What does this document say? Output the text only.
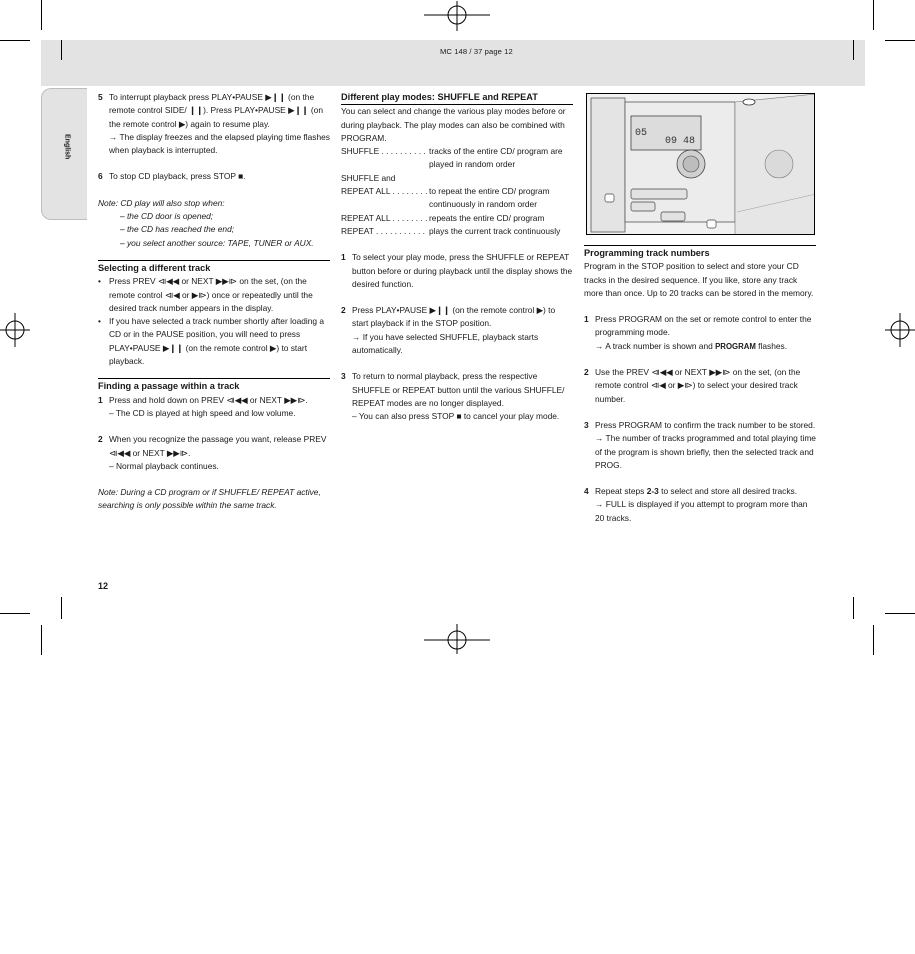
MC 148 / 37 page 12
English
5 To interrupt playback press PLAY•PAUSE ▶❙❙ (on the remote control SIDE/ ❙❙). Press PLAY•PAUSE ▶❙❙ (on the remote control ▶) again to resume play.

→ The display freezes and the elapsed playing time flashes when playback is interrupted.

6 To stop CD playback, press STOP ■.

Note: CD play will also stop when:

– the CD door is opened;

– the CD has reached the end;

– you select another source: TAPE, TUNER or AUX.

Selecting a different track

• Press PREV ⧏◀◀ or NEXT ▶▶⧐ on the set, (on the remote control ⧏◀ or ▶⧐) once or repeatedly until the desired track number appears in the display.
• If you have selected a track number shortly after loading a CD or in the PAUSE position, you will need to press PLAY•PAUSE ▶❙❙ (on the remote control ▶) to start playback.

Finding a passage within a track

1 Press and hold down on PREV ⧏◀◀ or NEXT ▶▶⧐.

– The CD is played at high speed and low volume.

2 When you recognize the passage you want, release PREV ⧏◀◀ or NEXT ▶▶⧐.

– Normal playback continues.

Note: During a CD program or if SHUFFLE/ REPEAT active, searching is only possible within the same track.

Different play modes: SHUFFLE and REPEAT

You can select and change the various play modes before or during playback. The play modes can also be combined with PROGRAM.

SHUFFLE . . . . . . . . . . tracks of the entire CD/ program are played in random order
SHUFFLE and
REPEAT ALL . . . . . . . . to repeat the entire CD/ program continuously in random order
REPEAT ALL . . . . . . . . repeats the entire CD/ program
REPEAT . . . . . . . . . . . plays the current track continuously
1 To select your play mode, press the SHUFFLE or REPEAT button before or during playback until the display shows the desired function.
2 Press PLAY•PAUSE ▶❙❙ (on the remote control ▶) to start playback if in the STOP position.

→ If you have selected SHUFFLE, playback starts automatically.

3 To return to normal playback, press the respective SHUFFLE or REPEAT button until the various SHUFFLE/ REPEAT modes are no longer displayed.

– You can also press STOP ■ to cancel your play mode.

05
09 48

Programming track numbers

Program in the STOP position to select and store your CD tracks in the desired sequence. If you like, store any track more than once. Up to 20 tracks can be stored in the memory.

1 Press PROGRAM on the set or remote control to enter the programming mode.

→ A track number is shown and PROGRAM flashes.

2 Use the PREV ⧏◀◀ or NEXT ▶▶⧐ on the set, (on the remote control ⧏◀ or ▶⧐) to select your desired track number.
3 Press PROGRAM to confirm the track number to be stored.

→ The number of tracks programmed and total playing time of the program is shown briefly, then the selected track and PROG.

4 Repeat steps 2-3 to select and store all desired tracks.

→ FULL is displayed if you attempt to program more than 20 tracks.

12
